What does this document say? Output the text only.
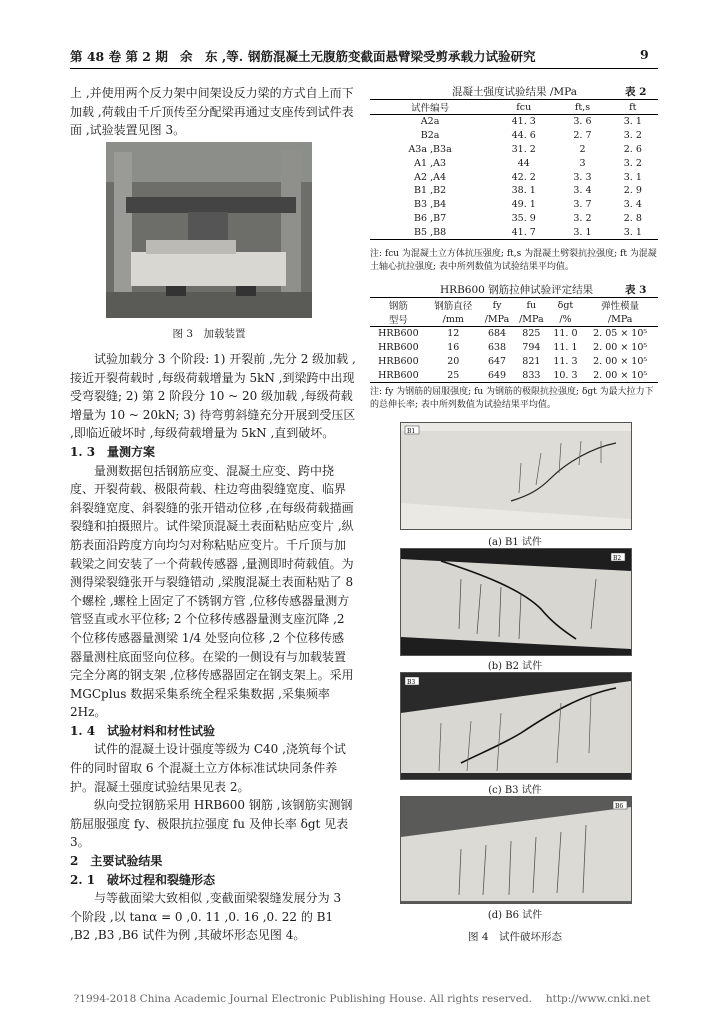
第 48 卷 第 2 期 余　东 ,等. 钢筋混凝土无腹筋变截面悬臂梁受剪承载力试验研究	9

上 ,并使用两个反力架中间架设反力梁的方式自上而下加载 ,荷载由千斤顶传至分配梁再通过支座传到试件表面 ,试验装置见图 3。

图 3　加载装置

试验加载分 3 个阶段: 1) 开裂前 ,先分 2 级加载 ,接近开裂荷载时 ,每级荷载增量为 5kN ,到梁跨中出现受弯裂缝; 2) 第 2 阶段分 10 ~ 20 级加载 ,每级荷载增量为 10 ~ 20kN; 3) 待弯剪斜缝充分开展到受压区 ,即临近破坏时 ,每级荷载增量为 5kN ,直到破坏。

1. 3　量测方案

量测数据包括钢筋应变、混凝土应变、跨中挠度、开裂荷载、极限荷载、柱边弯曲裂缝宽度、临界斜裂缝宽度、斜裂缝的张开错动位移 ,在每级荷载描画裂缝和拍摄照片。试件梁顶混凝土表面粘贴应变片 ,纵筋表面沿跨度方向均匀对称粘贴应变片。千斤顶与加载梁之间安装了一个荷载传感器 ,量测即时荷载值。为测得梁裂缝张开与裂缝错动 ,梁腹混凝土表面粘贴了 8 个螺栓 ,螺栓上固定了不锈钢方管 ,位移传感器量测方管竖直或水平位移; 2 个位移传感器量测支座沉降 ,2 个位移传感器量测梁 1/4 处竖向位移 ,2 个位移传感器量测柱底面竖向位移。在梁的一侧设有与加载装置完全分离的钢支架 ,位移传感器固定在钢支架上。采用 MGCplus 数据采集系统全程采集数据 ,采集频率 2Hz。

1. 4　试验材料和材性试验

试件的混凝土设计强度等级为 C40 ,浇筑每个试件的同时留取 6 个混凝土立方体标准试块同条件养护。混凝土强度试验结果见表 2。

纵向受拉钢筋采用 HRB600 钢筋 ,该钢筋实测钢筋屈服强度 fy、极限抗拉强度 fu 及伸长率 δgt 见表 3。

2　主要试验结果

2. 1　破坏过程和裂缝形态

与等截面梁大致相似 ,变截面梁裂缝发展分为 3 个阶段 ,以 tanα = 0 ,0. 11 ,0. 16 ,0. 22 的 B1 ,B2 ,B3 ,B6 试件为例 ,其破坏形态见图 4。

混凝土强度试验结果 /MPa	表 2
试件编号	fcu	ft,s	ft
A2a	41. 3	3. 6	3. 1
B2a	44. 6	2. 7	3. 2
A3a ,B3a	31. 2	2	2. 6
A1 ,A3	44	3	3. 2
A2 ,A4	42. 2	3. 3	3. 1
B1 ,B2	38. 1	3. 4	2. 9
B3 ,B4	49. 1	3. 7	3. 4
B6 ,B7	35. 9	3. 2	2. 8
B5 ,B8	41. 7	3. 1	3. 1
注: fcu 为混凝土立方体抗压强度; ft,s 为混凝土劈裂抗拉强度; ft 为混凝土轴心抗拉强度; 表中所列数值为试验结果平均值。
HRB600 钢筋拉伸试验评定结果	表 3
钢筋	钢筋直径	fy	fu	δgt	弹性模量
型号	/mm	/MPa	/MPa	/%	/MPa
HRB600	12	684	825	11. 0	2. 05 × 10⁵
HRB600	16	638	794	11. 1	2. 00 × 10⁵
HRB600	20	647	821	11. 3	2. 00 × 10⁵
HRB600	25	649	833	10. 3	2. 00 × 10⁵
注: fy 为钢筋的屈服强度; fu 为钢筋的极限抗拉强度; δgt 为最大拉力下的总伸长率; 表中所列数值为试验结果平均值。
B1
(a) B1 试件
B2
(b) B2 试件
B3
(c) B3 试件
B6
(d) B6 试件
图 4　试件破坏形态
?1994-2018 China Academic Journal Electronic Publishing House. All rights reserved.　 http://www.cnki.net
